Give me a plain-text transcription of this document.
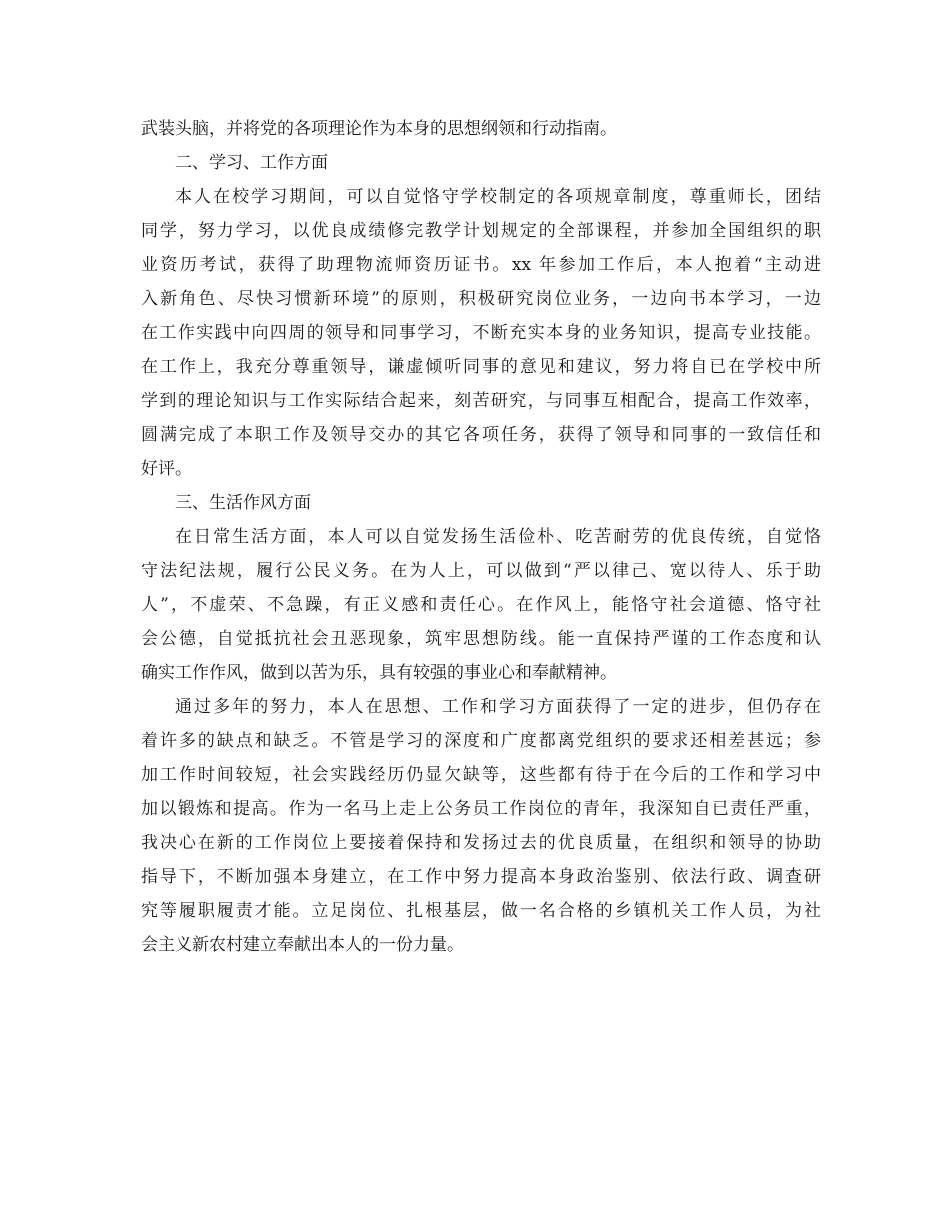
武装头脑，并将党的各项理论作为本身的思想纲领和行动指南。
二、学习、工作方面
本人在校学习期间，可以自觉恪守学校制定的各项规章制度，尊重师长，团结
同学，努力学习，以优良成绩修完教学计划规定的全部课程，并参加全国组织的职
业资历考试，获得了助理物流师资历证书。xx 年参加工作后，本人抱着“主动进
入新角色、尽快习惯新环境”的原则，积极研究岗位业务，一边向书本学习，一边
在工作实践中向四周的领导和同事学习，不断充实本身的业务知识，提高专业技能。
在工作上，我充分尊重领导，谦虚倾听同事的意见和建议，努力将自已在学校中所
学到的理论知识与工作实际结合起来，刻苦研究，与同事互相配合，提高工作效率，
圆满完成了本职工作及领导交办的其它各项任务，获得了领导和同事的一致信任和
好评。
三、生活作风方面
在日常生活方面，本人可以自觉发扬生活俭朴、吃苦耐劳的优良传统，自觉恪
守法纪法规，履行公民义务。在为人上，可以做到“严以律己、宽以待人、乐于助
人”，不虚荣、不急躁，有正义感和责任心。在作风上，能恪守社会道德、恪守社
会公德，自觉抵抗社会丑恶现象，筑牢思想防线。能一直保持严谨的工作态度和认
确实工作作风，做到以苦为乐，具有较强的事业心和奉献精神。
通过多年的努力，本人在思想、工作和学习方面获得了一定的进步，但仍存在
着许多的缺点和缺乏。不管是学习的深度和广度都离党组织的要求还相差甚远；参
加工作时间较短，社会实践经历仍显欠缺等，这些都有待于在今后的工作和学习中
加以锻炼和提高。作为一名马上走上公务员工作岗位的青年，我深知自已责任严重，
我决心在新的工作岗位上要接着保持和发扬过去的优良质量，在组织和领导的协助
指导下，不断加强本身建立，在工作中努力提高本身政治鉴别、依法行政、调查研
究等履职履责才能。立足岗位、扎根基层，做一名合格的乡镇机关工作人员，为社
会主义新农村建立奉献出本人的一份力量。
